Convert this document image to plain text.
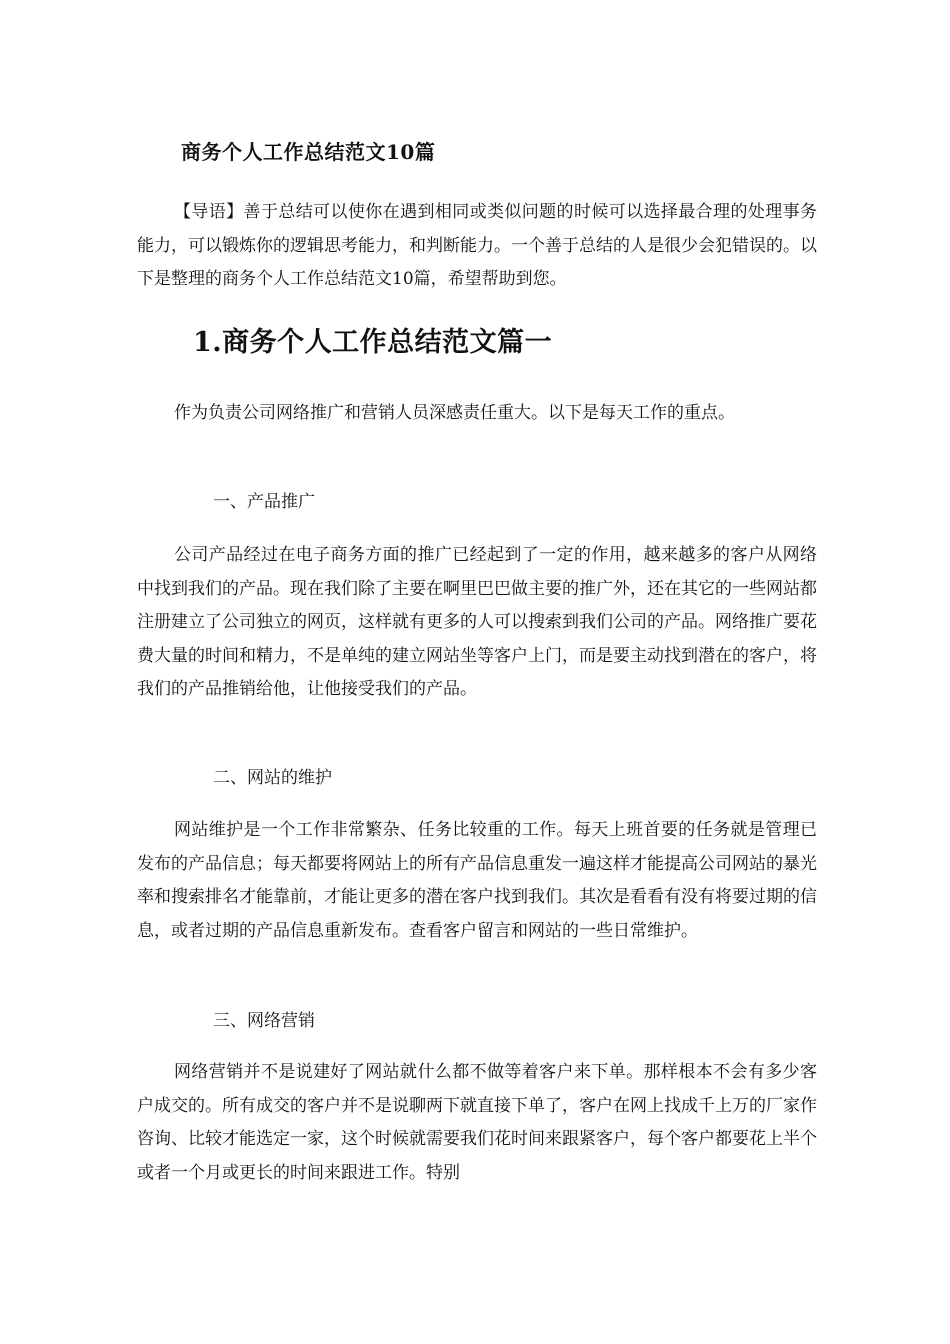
商务个人工作总结范文10篇

【导语】善于总结可以使你在遇到相同或类似问题的时候可以选择最合理的处理事务能力，可以锻炼你的逻辑思考能力，和判断能力。一个善于总结的人是很少会犯错误的。以下是整理的商务个人工作总结范文10篇，希望帮助到您。

1.商务个人工作总结范文篇一

作为负责公司网络推广和营销人员深感责任重大。以下是每天工作的重点。

一、产品推广

公司产品经过在电子商务方面的推广已经起到了一定的作用，越来越多的客户从网络中找到我们的产品。现在我们除了主要在啊里巴巴做主要的推广外，还在其它的一些网站都注册建立了公司独立的网页，这样就有更多的人可以搜索到我们公司的产品。网络推广要花费大量的时间和精力，不是单纯的建立网站坐等客户上门，而是要主动找到潜在的客户，将我们的产品推销给他，让他接受我们的产品。

二、网站的维护

网站维护是一个工作非常繁杂、任务比较重的工作。每天上班首要的任务就是管理已发布的产品信息；每天都要将网站上的所有产品信息重发一遍这样才能提高公司网站的暴光率和搜索排名才能靠前，才能让更多的潜在客户找到我们。其次是看看有没有将要过期的信息，或者过期的产品信息重新发布。查看客户留言和网站的一些日常维护。

三、网络营销

网络营销并不是说建好了网站就什么都不做等着客户来下单。那样根本不会有多少客户成交的。所有成交的客户并不是说聊两下就直接下单了，客户在网上找成千上万的厂家作咨询、比较才能选定一家，这个时候就需要我们花时间来跟紧客户，每个客户都要花上半个或者一个月或更长的时间来跟进工作。特别
